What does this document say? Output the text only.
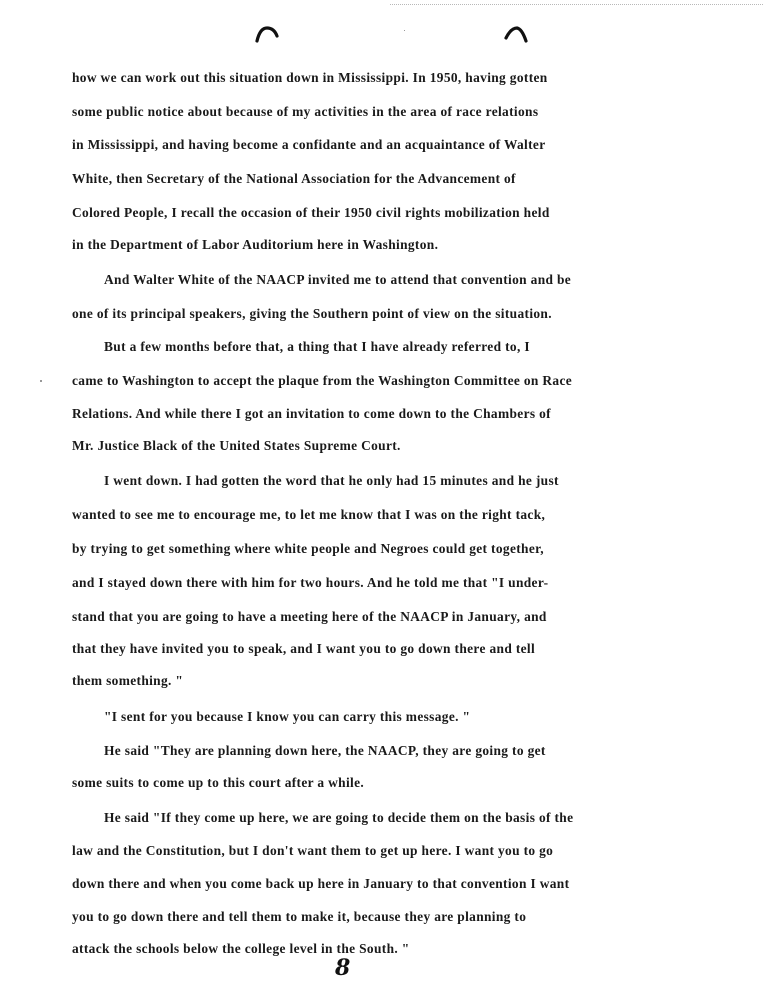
how we can work out this situation down in Mississippi. In 1950, having gotten
some public notice about because of my activities in the area of race relations
in Mississippi, and having become a confidante and an acquaintance of Walter
White, then Secretary of the National Association for the Advancement of
Colored People, I recall the occasion of their 1950 civil rights mobilization held
in the Department of Labor Auditorium here in Washington.
And Walter White of the NAACP invited me to attend that convention and be
one of its principal speakers, giving the Southern point of view on the situation.
But a few months before that, a thing that I have already referred to, I
came to Washington to accept the plaque from the Washington Committee on Race
Relations. And while there I got an invitation to come down to the Chambers of
Mr. Justice Black of the United States Supreme Court.
I went down. I had gotten the word that he only had 15 minutes and he just
wanted to see me to encourage me, to let me know that I was on the right tack,
by trying to get something where white people and Negroes could get together,
and I stayed down there with him for two hours. And he told me that "I under-
stand that you are going to have a meeting here of the NAACP in January, and
that they have invited you to speak, and I want you to go down there and tell
them something. "
"I sent for you because I know you can carry this message. "
He said "They are planning down here, the NAACP, they are going to get
some suits to come up to this court after a while.
He said "If they come up here, we are going to decide them on the basis of the
law and the Constitution, but I don't want them to get up here. I want you to go
down there and when you come back up here in January to that convention I want
you to go down there and tell them to make it, because they are planning to
attack the schools below the college level in the South. "
8
